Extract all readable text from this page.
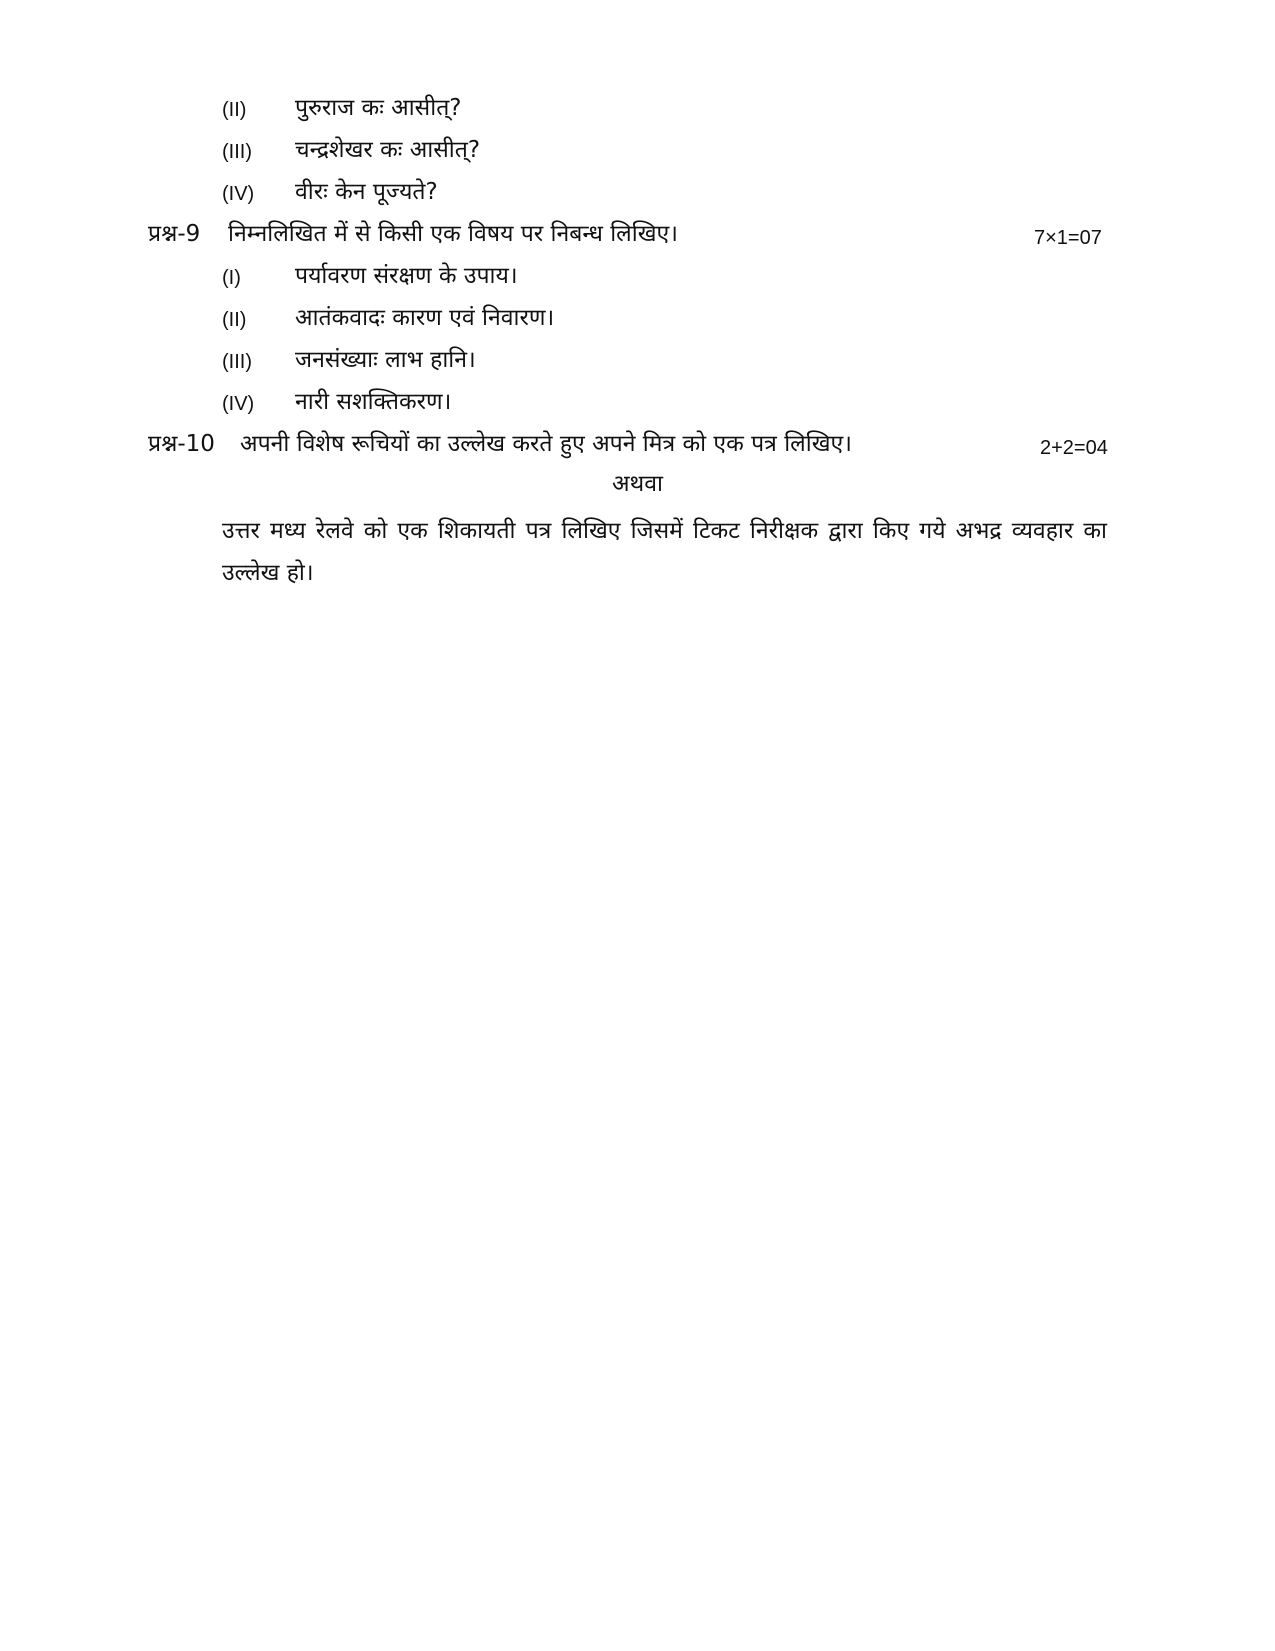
(II) पुरुराज कः आसीत्?
(III) चन्द्रशेखर कः आसीत्?
(IV) वीरः केन पूज्यते?
प्रश्न-9 निम्नलिखित में से किसी एक विषय पर निबन्ध लिखिए।	7×1=07
(I) पर्यावरण संरक्षण के उपाय।
(II) आतंकवादः कारण एवं निवारण।
(III) जनसंख्याः लाभ हानि।
(IV) नारी सशक्तिकरण।
प्रश्न-10 अपनी विशेष रूचियों का उल्लेख करते हुए अपने मित्र को एक पत्र लिखिए।	2+2=04
अथवा
उत्तर मध्य रेलवे को एक शिकायती पत्र लिखिए जिसमें टिकट निरीक्षक द्वारा किए गये अभद्र व्यवहार का उल्लेख हो।
